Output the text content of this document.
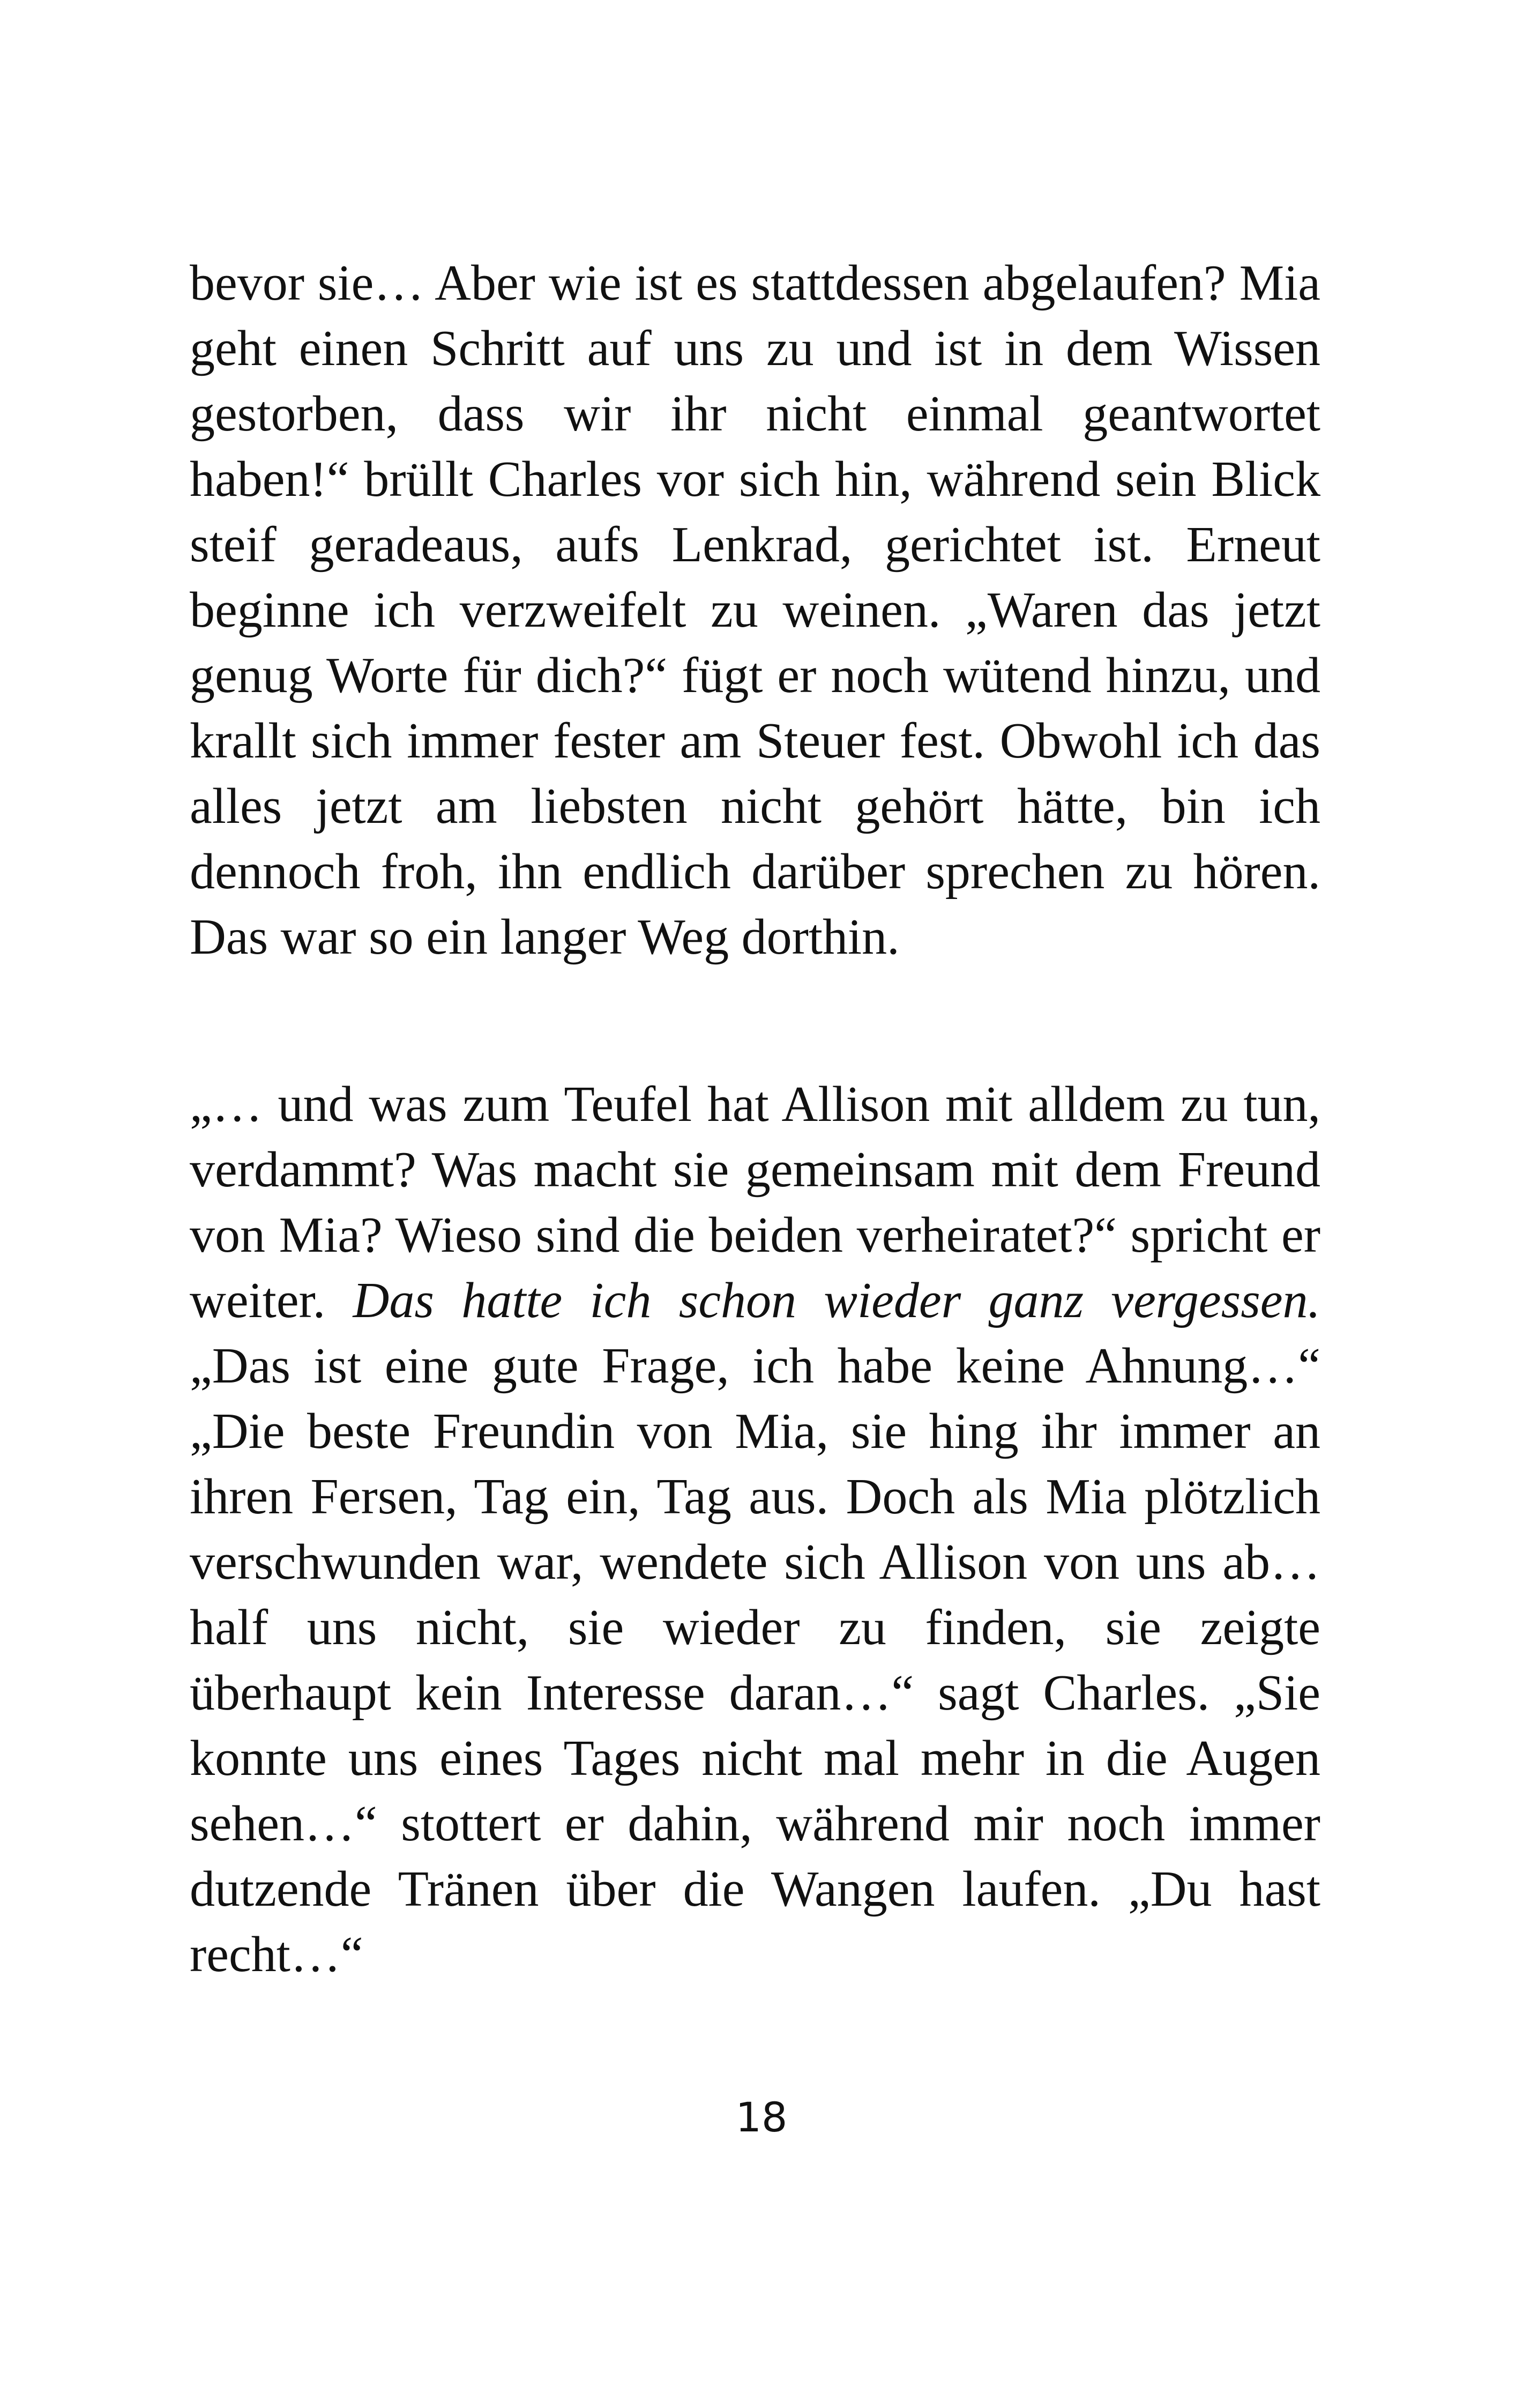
bevor sie… Aber wie ist es stattdessen abgelaufen? Mia geht einen Schritt auf uns zu und ist in dem Wissen gestorben, dass wir ihr nicht einmal geantwortet haben!“ brüllt Charles vor sich hin, während sein Blick steif geradeaus, aufs Lenkrad, gerichtet ist. Erneut beginne ich verzweifelt zu weinen. „Waren das jetzt genug Worte für dich?“ fügt er noch wütend hinzu, und krallt sich immer fester am Steuer fest. Obwohl ich das alles jetzt am liebsten nicht gehört hätte, bin ich dennoch froh, ihn endlich darüber sprechen zu hören. Das war so ein langer Weg dorthin.

„… und was zum Teufel hat Allison mit alldem zu tun, verdammt? Was macht sie gemeinsam mit dem Freund von Mia? Wieso sind die beiden verheiratet?“ spricht er weiter. Das hatte ich schon wieder ganz vergessen. „Das ist eine gute Frage, ich habe keine Ahnung…“ „Die beste Freundin von Mia, sie hing ihr immer an ihren Fersen, Tag ein, Tag aus. Doch als Mia plötzlich verschwunden war, wendete sich Allison von uns ab… half uns nicht, sie wieder zu finden, sie zeigte überhaupt kein Interesse daran…“ sagt Charles. „Sie konnte uns eines Tages nicht mal mehr in die Augen sehen…“ stottert er dahin, während mir noch immer dutzende Tränen über die Wangen laufen. „Du hast recht…“

18
